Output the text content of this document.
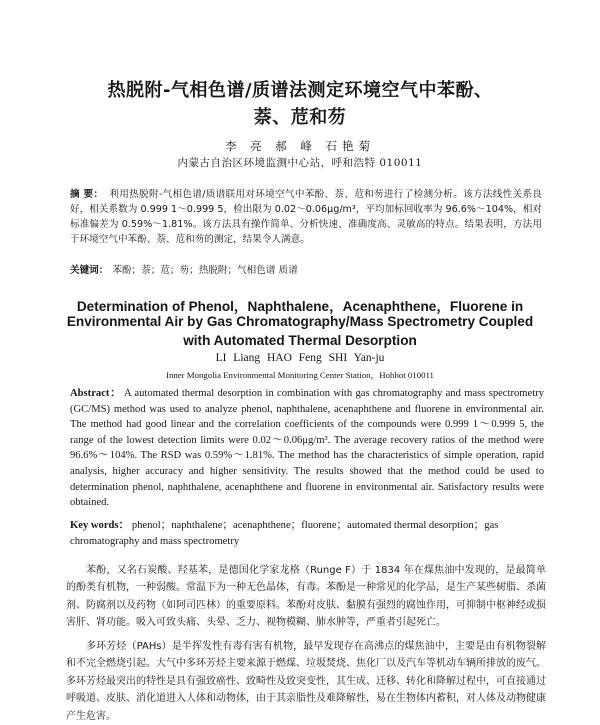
热脱附-气相色谱/质谱法测定环境空气中苯酚、
萘、苊和芴
李 亮 郝 峰 石艳菊
内蒙古自治区环境监测中心站，呼和浩特 010011
摘 要： 利用热脱附-气相色谱/质谱联用对环境空气中苯酚、萘、苊和芴进行了检测分析。该方法线性关系良好，相关系数为 0.999 1～0.999 5，检出限为 0.02～0.06μg/m³，平均加标回收率为 96.6%～104%，相对标准偏差为 0.59%～1.81%。该方法具有操作简单、分析快速、准确度高、灵敏高的特点。结果表明，方法用于环境空气中苯酚、萘、苊和芴的测定，结果令人满意。
关键词： 苯酚；萘；苊；芴；热脱附；气相色谱 质谱
Determination of Phenol，Naphthalene，Acenaphthene，Fluorene in
Environmental Air by Gas Chromatography/Mass Spectrometry Coupled
with Automated Thermal Desorption
LI Liang HAO Feng SHI Yan-ju
Inner Mongolia Environmental Monitoring Center Station，Hohhot 010011
Abstract： A automated thermal desorption in combination with gas chromatography and mass spectrometry (GC/MS) method was used to analyze phenol, naphthalene, acenaphthene and fluorene in environmental air. The method had good linear and the correlation coefficients of the compounds were 0.999 1～0.999 5, the range of the lowest detection limits were 0.02～0.06μg/m³. The average recovery ratios of the method were 96.6%～104%. The RSD was 0.59%～1.81%. The method has the characteristics of simple operation, rapid analysis, higher accuracy and higher sensitivity. The results showed that the method could be used to determination phenol, naphthalene, acenaphthene and fluorene in environmental air. Satisfactory results were obtained.
Key words： phenol；naphthalene；acenaphthene；fluorene；automated thermal desorption；gas chromatography and mass spectrometry
苯酚，又名石炭酸、羟基苯，是德国化学家龙格（Runge F）于 1834 年在煤焦油中发现的，是最简单的酚类有机物，一种弱酸。常温下为一种无色晶体，有毒。苯酚是一种常见的化学品，是生产某些树脂、杀菌剂、防腐剂以及药物（如阿司匹林）的重要原料。苯酚对皮肤、黏膜有强烈的腐蚀作用，可抑制中枢神经或损害肝、肾功能。吸入可致头痛、头晕、乏力、视物模糊、肺水肿等，严重者引起死亡。
多环芳烃（PAHs）是半挥发性有毒有害有机物，最早发现存在高沸点的煤焦油中，主要是由有机物裂解和不完全燃烧引起。大气中多环芳烃主要来源于燃煤、垃圾焚烧、焦化厂以及汽车等机动车辆所排放的废气。多环芳烃最突出的特性是具有强致癌性、致畸性及致突变性，其生成、迁移、转化和降解过程中，可直接通过呼吸道、皮肤、消化道进入人体和动物体，由于其亲脂性及难降解性，易在生物体内蓄积，对人体及动物健康产生危害。
